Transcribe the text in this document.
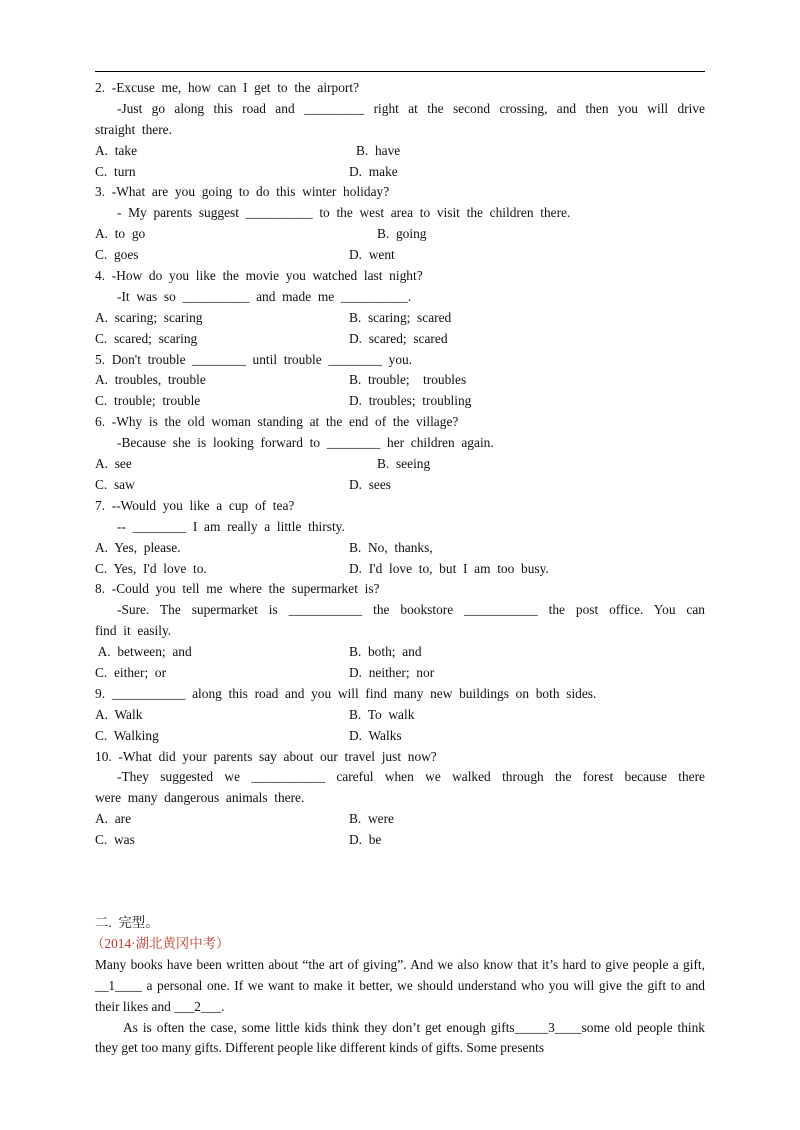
2.  -Excuse  me,  how  can  I  get  to  the  airport?
-Just go along this road and _________ right at the second crossing, and then you will drive
straight  there.
A.  take	B.  have
C.  turn	D.  make
3.  -What  are  you  going  to  do  this  winter  holiday?
-  My  parents  suggest  __________  to  the  west  area  to  visit  the  children  there.
A.  to  go	B.  going
C.  goes	D.  went
4.  -How  do  you  like  the  movie  you  watched  last  night?
-It  was  so  __________  and  made  me  __________.
A.  scaring;  scaring	B.  scaring;  scared
C.  scared;  scaring	D.  scared;  scared
5.  Don't  trouble  ________  until  trouble  ________  you.
A.  troubles,  trouble	B.  trouble;    troubles
C.  trouble;  trouble	D.  troubles;  troubling
6.  -Why  is  the  old  woman  standing  at  the  end  of  the  village?
-Because  she  is  looking  forward  to  ________  her  children  again.
A.  see	B.  seeing
C.  saw	D.  sees
7.  --Would  you  like  a  cup  of  tea?
--  ________  I  am  really  a  little  thirsty.
A.  Yes,  please.	B.  No,  thanks,
C.  Yes,  I'd  love  to.	D.  I'd  love  to,  but  I  am  too  busy.
8.  -Could  you  tell  me  where  the  supermarket  is?
-Sure. The supermarket is ___________ the bookstore ___________ the post office. You can
find  it  easily.
A.  between;  and	B.  both;  and
C.  either;  or	D.  neither;  nor
9.  ___________  along  this  road  and  you  will  find  many  new  buildings  on  both  sides.
A.  Walk	B.  To  walk
C.  Walking	D.  Walks
10.  -What  did  your  parents  say  about  our  travel  just  now?
-They suggested we ___________ careful when we walked through the forest because there
were  many  dangerous  animals  there.
A.  are	B.  were
C.  was	D.  be
二.  完型。
（2014·湖北黄冈中考）
Many books have been written about “the art of giving”. And we also know that it’s hard to give people a gift, __1____ a personal one. If we want to make it better, we should understand who you will give the gift to and their likes and ___2___.
As is often the case, some little kids think they don’t get enough gifts_____3____some old people think they get too many gifts. Different people like different kinds of gifts. Some presents
